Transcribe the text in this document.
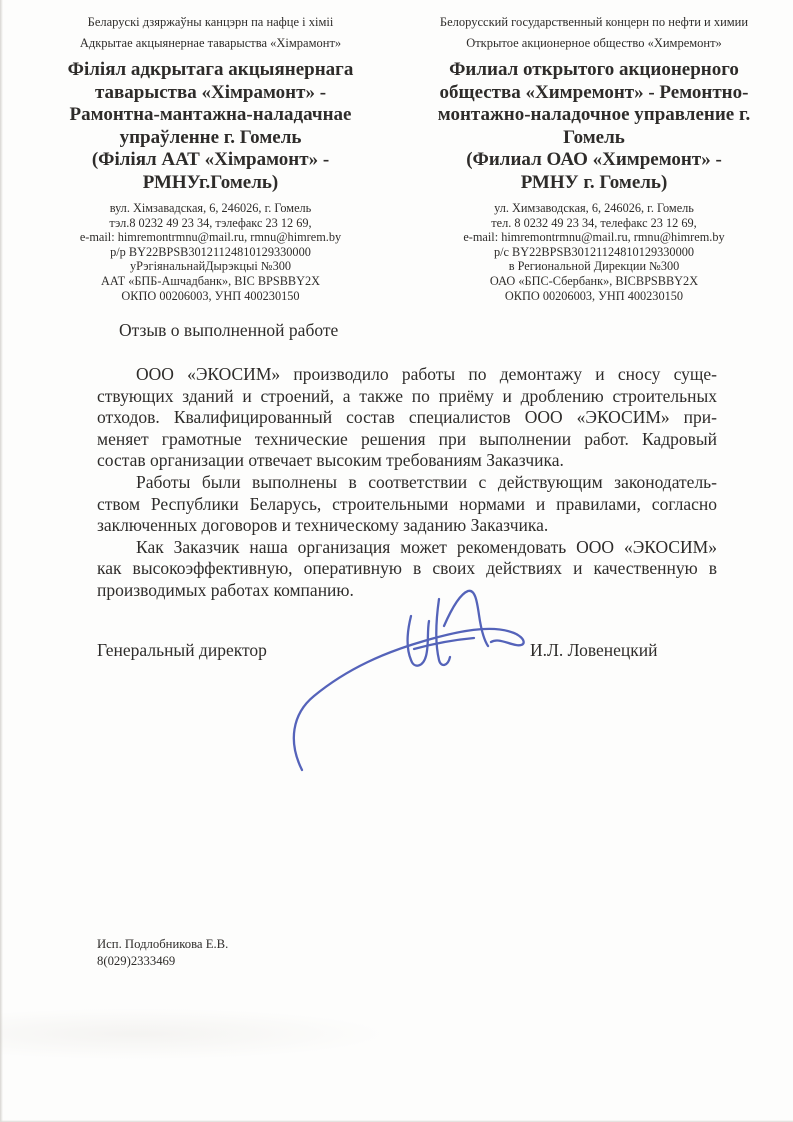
Беларускі дзяржаўны канцэрн па нафце і хіміі
Адкрытае акцыянернае таварыства «Хімрамонт»
Філіял адкрытага акцыянернага
таварыства «Хімрамонт» -
Рамонтна-мантажна-наладачнае
упраўленне г. Гомель
(Філіял ААТ «Хімрамонт» -
РМНУг.Гомель)
вул. Хімзавадская, 6, 246026, г. Гомель
тэл.8 0232 49 23 34, тэлефакс 23 12 69,
e-mail: himremontrmnu@mail.ru, rmnu@himrem.by
р/р BY22BPSB30121124810129330000
уРэгіянальнайДырэкцыі №300
ААТ «БПБ-Ашчадбанк», BIC BPSBBY2X
ОКПО 00206003, УНП 400230150
Белорусский государственный концерн по нефти и химии
Открытое акционерное общество «Химремонт»
Филиал открытого акционерного
общества «Химремонт» - Ремонтно-
монтажно-наладочное управление г.
Гомель
(Филиал ОАО «Химремонт» -
РМНУ г. Гомель)
ул. Химзаводская, 6, 246026, г. Гомель
тел. 8 0232 49 23 34, телефакс 23 12 69,
e-mail: himremontrmnu@mail.ru, rmnu@himrem.by
р/с BY22BPSB30121124810129330000
в Региональной Дирекции №300
ОАО «БПС-Сбербанк», BICBPSBBY2X
ОКПО 00206003, УНП 400230150
Отзыв о выполненной работе
ООО «ЭКОСИМ» производило работы по демонтажу и сносу суще-
ствующих зданий и строений, а также по приёму и дроблению строительных
отходов. Квалифицированный состав специалистов ООО «ЭКОСИМ» при-
меняет грамотные технические решения при выполнении работ. Кадровый
состав организации отвечает высоким требованиям Заказчика.
Работы были выполнены в соответствии с действующим законодатель-
ством Республики Беларусь, строительными нормами и правилами, согласно
заключенных договоров и техническому заданию Заказчика.
Как Заказчик наша организация может рекомендовать ООО «ЭКОСИМ»
как высокоэффективную, оперативную в своих действиях и качественную в
производимых работах компанию.
Генеральный директор	И.Л. Ловенецкий
Исп. Подлобникова Е.В.
8(029)2333469
